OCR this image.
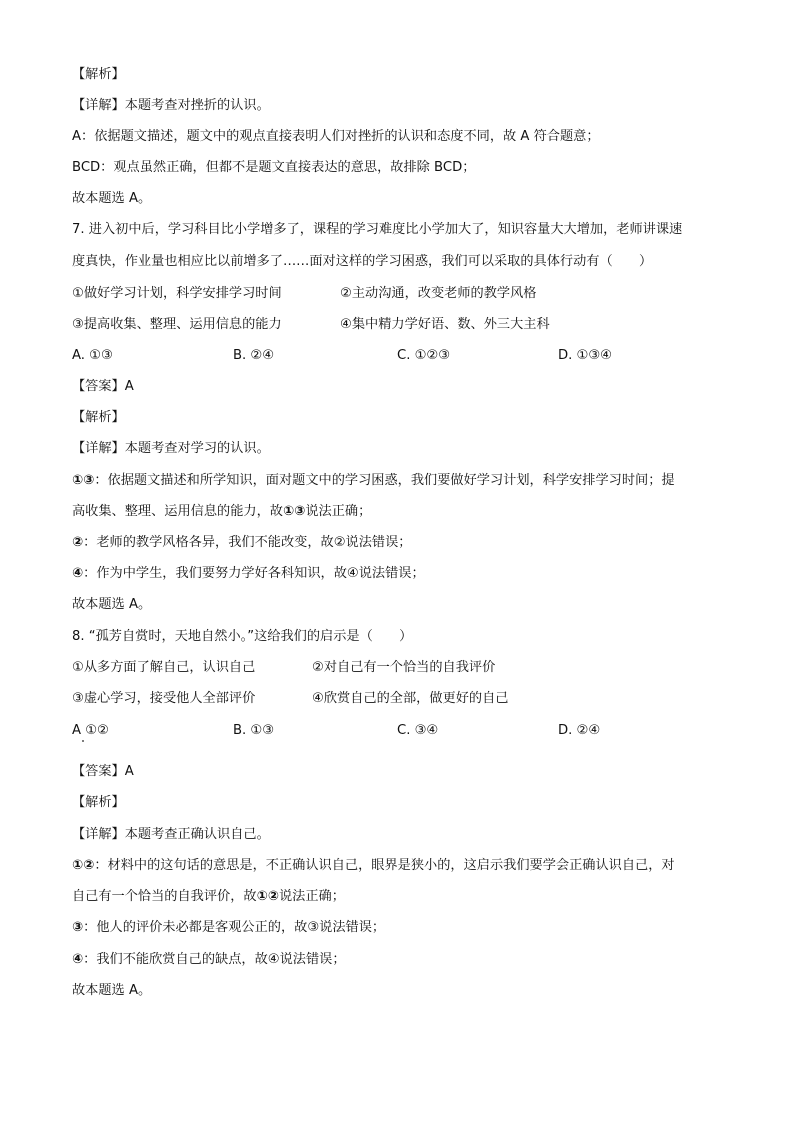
【解析】
【详解】本题考查对挫折的认识。
A：依据题文描述，题文中的观点直接表明人们对挫折的认识和态度不同，故 A 符合题意；
BCD：观点虽然正确，但都不是题文直接表达的意思，故排除 BCD；
故本题选 A。
7. 进入初中后，学习科目比小学增多了，课程的学习难度比小学加大了，知识容量大大增加，老师讲课速
度真快，作业量也相应比以前增多了……面对这样的学习困惑，我们可以采取的具体行动有（　　）
①做好学习计划，科学安排学习时间	②主动沟通，改变老师的教学风格
③提高收集、整理、运用信息的能力	④集中精力学好语、数、外三大主科
A. ①③	B. ②④	C. ①②③	D. ①③④
【答案】A
【解析】
【详解】本题考查对学习的认识。
①③：依据题文描述和所学知识，面对题文中的学习困惑，我们要做好学习计划，科学安排学习时间；提
高收集、整理、运用信息的能力，故①③说法正确；
②：老师的教学风格各异，我们不能改变，故②说法错误；
④：作为中学生，我们要努力学好各科知识，故④说法错误；
故本题选 A。
8. “孤芳自赏时，天地自然小。”这给我们的启示是（　　）
①从多方面了解自己，认识自己	②对自己有一个恰当的自我评价
③虚心学习，接受他人全部评价	④欣赏自己的全部，做更好的自己
A ①②	B. ①③	C. ③④	D. ②④
【答案】A
【解析】
【详解】本题考查正确认识自己。
①②：材料中的这句话的意思是，不正确认识自己，眼界是狭小的，这启示我们要学会正确认识自己，对
自己有一个恰当的自我评价，故①②说法正确；
③：他人的评价未必都是客观公正的，故③说法错误；
④：我们不能欣赏自己的缺点，故④说法错误；
故本题选 A。
